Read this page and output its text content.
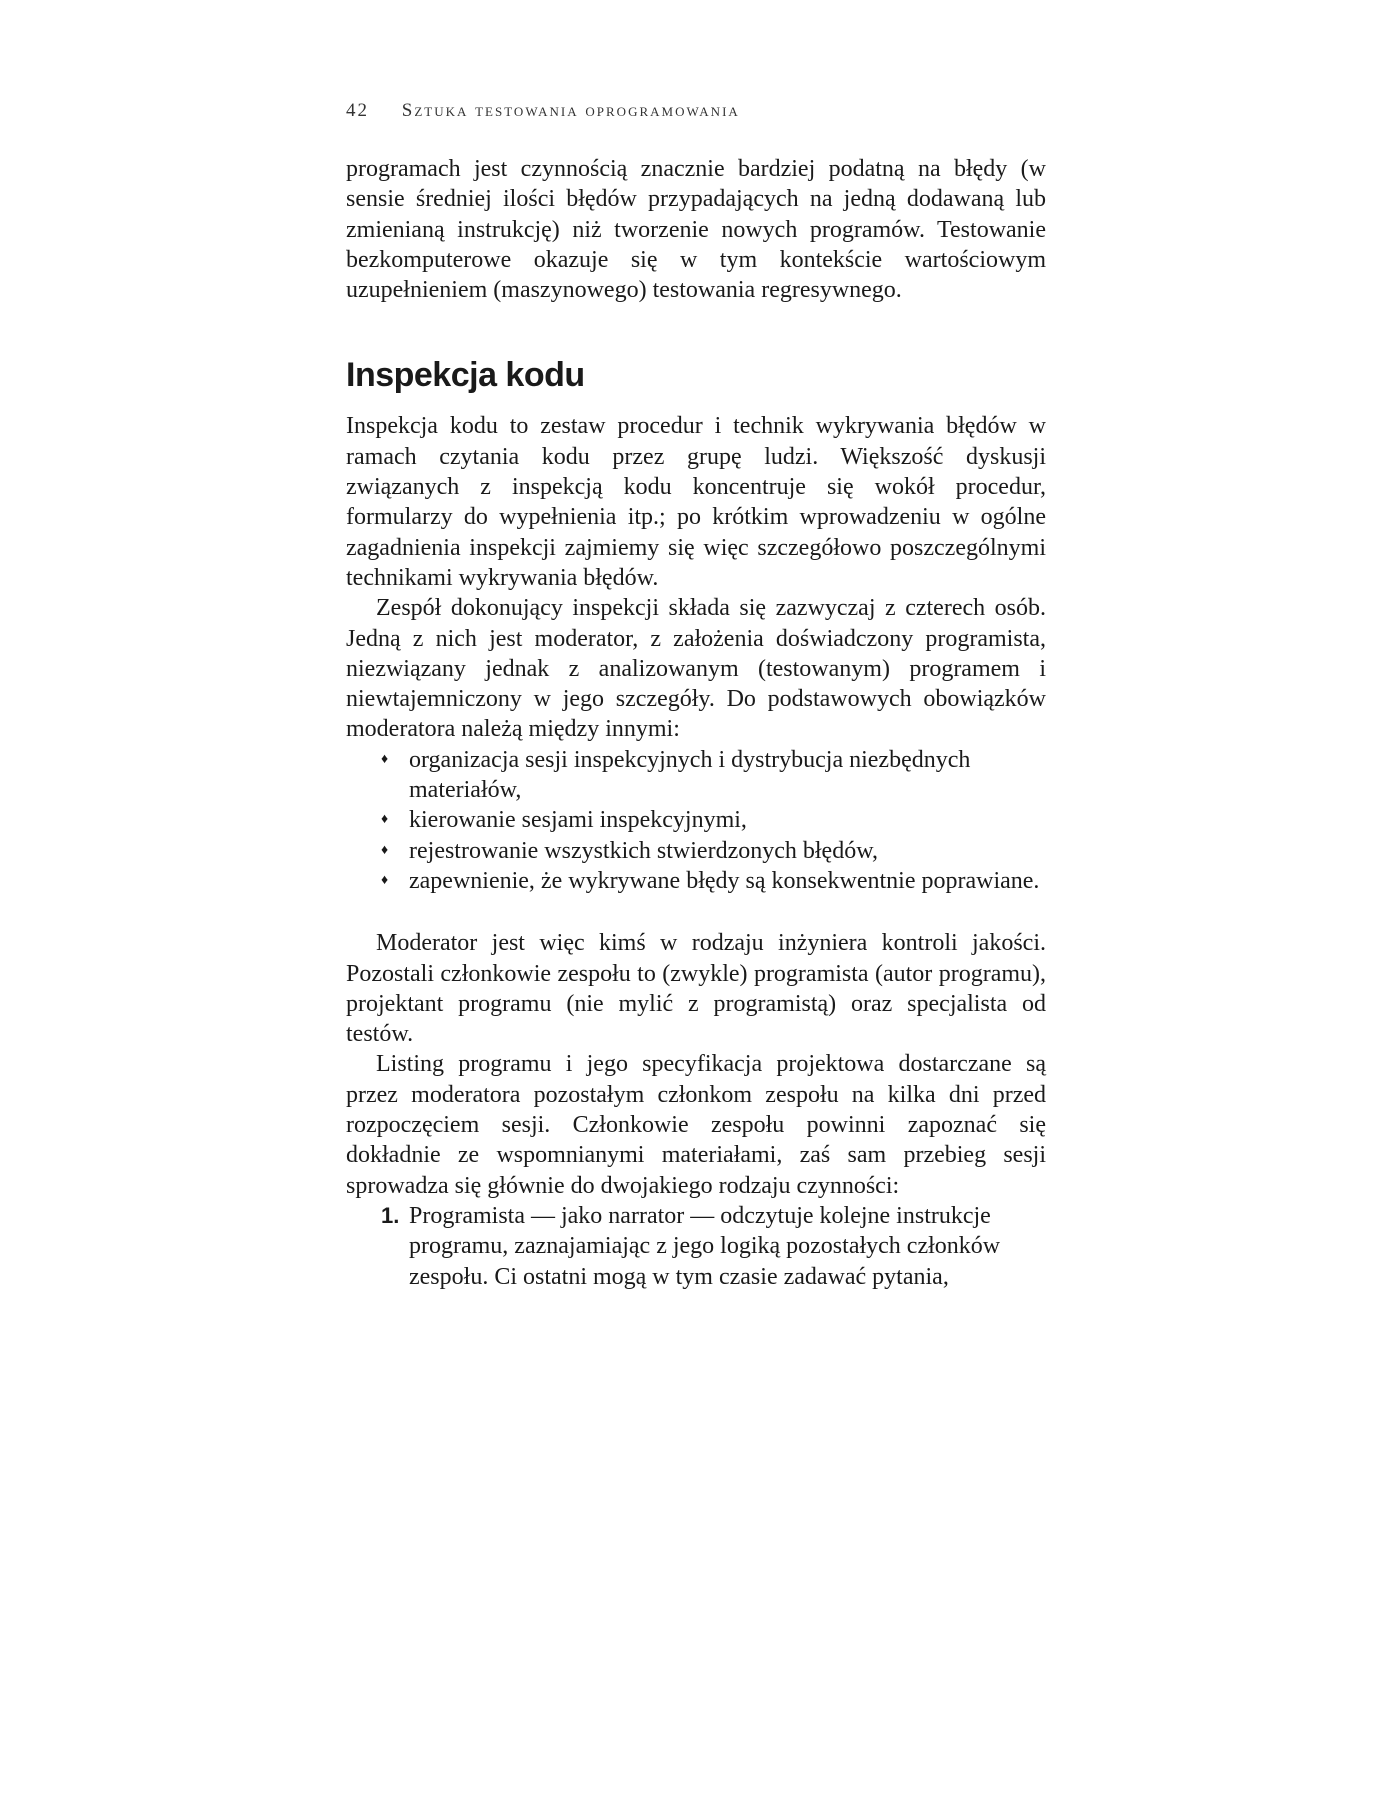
42 Sztuka testowania oprogramowania

programach jest czynnością znacznie bardziej podatną na błędy (w sensie średniej ilości błędów przypadających na jedną dodawaną lub zmienianą instrukcję) niż tworzenie nowych programów. Testowanie bezkomputerowe okazuje się w tym kontekście wartościowym uzupełnieniem (maszynowego) testowania regresywnego.

Inspekcja kodu

Inspekcja kodu to zestaw procedur i technik wykrywania błędów w ramach czytania kodu przez grupę ludzi. Większość dyskusji związanych z inspekcją kodu koncentruje się wokół procedur, formularzy do wypełnienia itp.; po krótkim wprowadzeniu w ogólne zagadnienia inspekcji zajmiemy się więc szczegółowo poszczególnymi technikami wykrywania błędów.

Zespół dokonujący inspekcji składa się zazwyczaj z czterech osób. Jedną z nich jest moderator, z założenia doświadczony programista, niezwiązany jednak z analizowanym (testowanym) programem i niewtajemniczony w jego szczegóły. Do podstawowych obowiązków moderatora należą między innymi:

♦ organizacja sesji inspekcyjnych i dystrybucja niezbędnych materiałów,
♦ kierowanie sesjami inspekcyjnymi,
♦ rejestrowanie wszystkich stwierdzonych błędów,
♦ zapewnienie, że wykrywane błędy są konsekwentnie poprawiane.

Moderator jest więc kimś w rodzaju inżyniera kontroli jakości. Pozostali członkowie zespołu to (zwykle) programista (autor programu), projektant programu (nie mylić z programistą) oraz specjalista od testów.

Listing programu i jego specyfikacja projektowa dostarczane są przez moderatora pozostałym członkom zespołu na kilka dni przed rozpoczęciem sesji. Członkowie zespołu powinni zapoznać się dokładnie ze wspomnianymi materiałami, zaś sam przebieg sesji sprowadza się głównie do dwojakiego rodzaju czynności:

1. Programista — jako narrator — odczytuje kolejne instrukcje programu, zaznajamiając z jego logiką pozostałych członków zespołu. Ci ostatni mogą w tym czasie zadawać pytania,
